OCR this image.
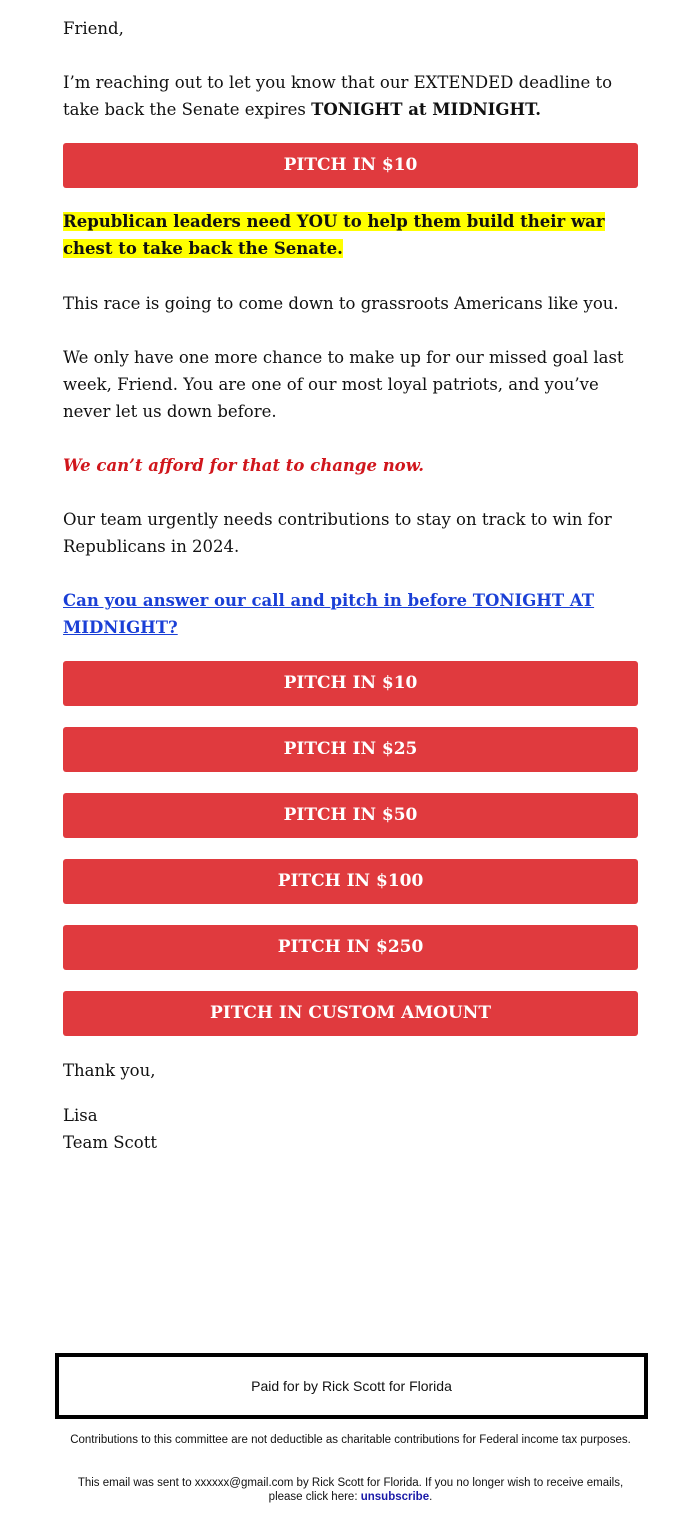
Friend,

I’m reaching out to let you know that our EXTENDED deadline to take back the Senate expires TONIGHT at MIDNIGHT.

Republican leaders need YOU to help them build their war chest to take back the Senate.

This race is going to come down to grassroots Americans like you.

We only have one more chance to make up for our missed goal last week, Friend. You are one of our most loyal patriots, and you’ve never let us down before.

We can’t afford for that to change now.

Our team urgently needs contributions to stay on track to win for Republicans in 2024.

Can you answer our call and pitch in before TONIGHT AT MIDNIGHT?

Thank you,

Lisa

Team Scott

PITCH IN $10
PITCH IN $10
PITCH IN $25
PITCH IN $50
PITCH IN $100
PITCH IN $250
PITCH IN CUSTOM AMOUNT
Paid for by Rick Scott for Florida
Contributions to this committee are not deductible as charitable contributions for Federal income tax purposes.
This email was sent to xxxxxx@gmail.com by Rick Scott for Florida. If you no longer wish to receive emails, please click here: unsubscribe.
